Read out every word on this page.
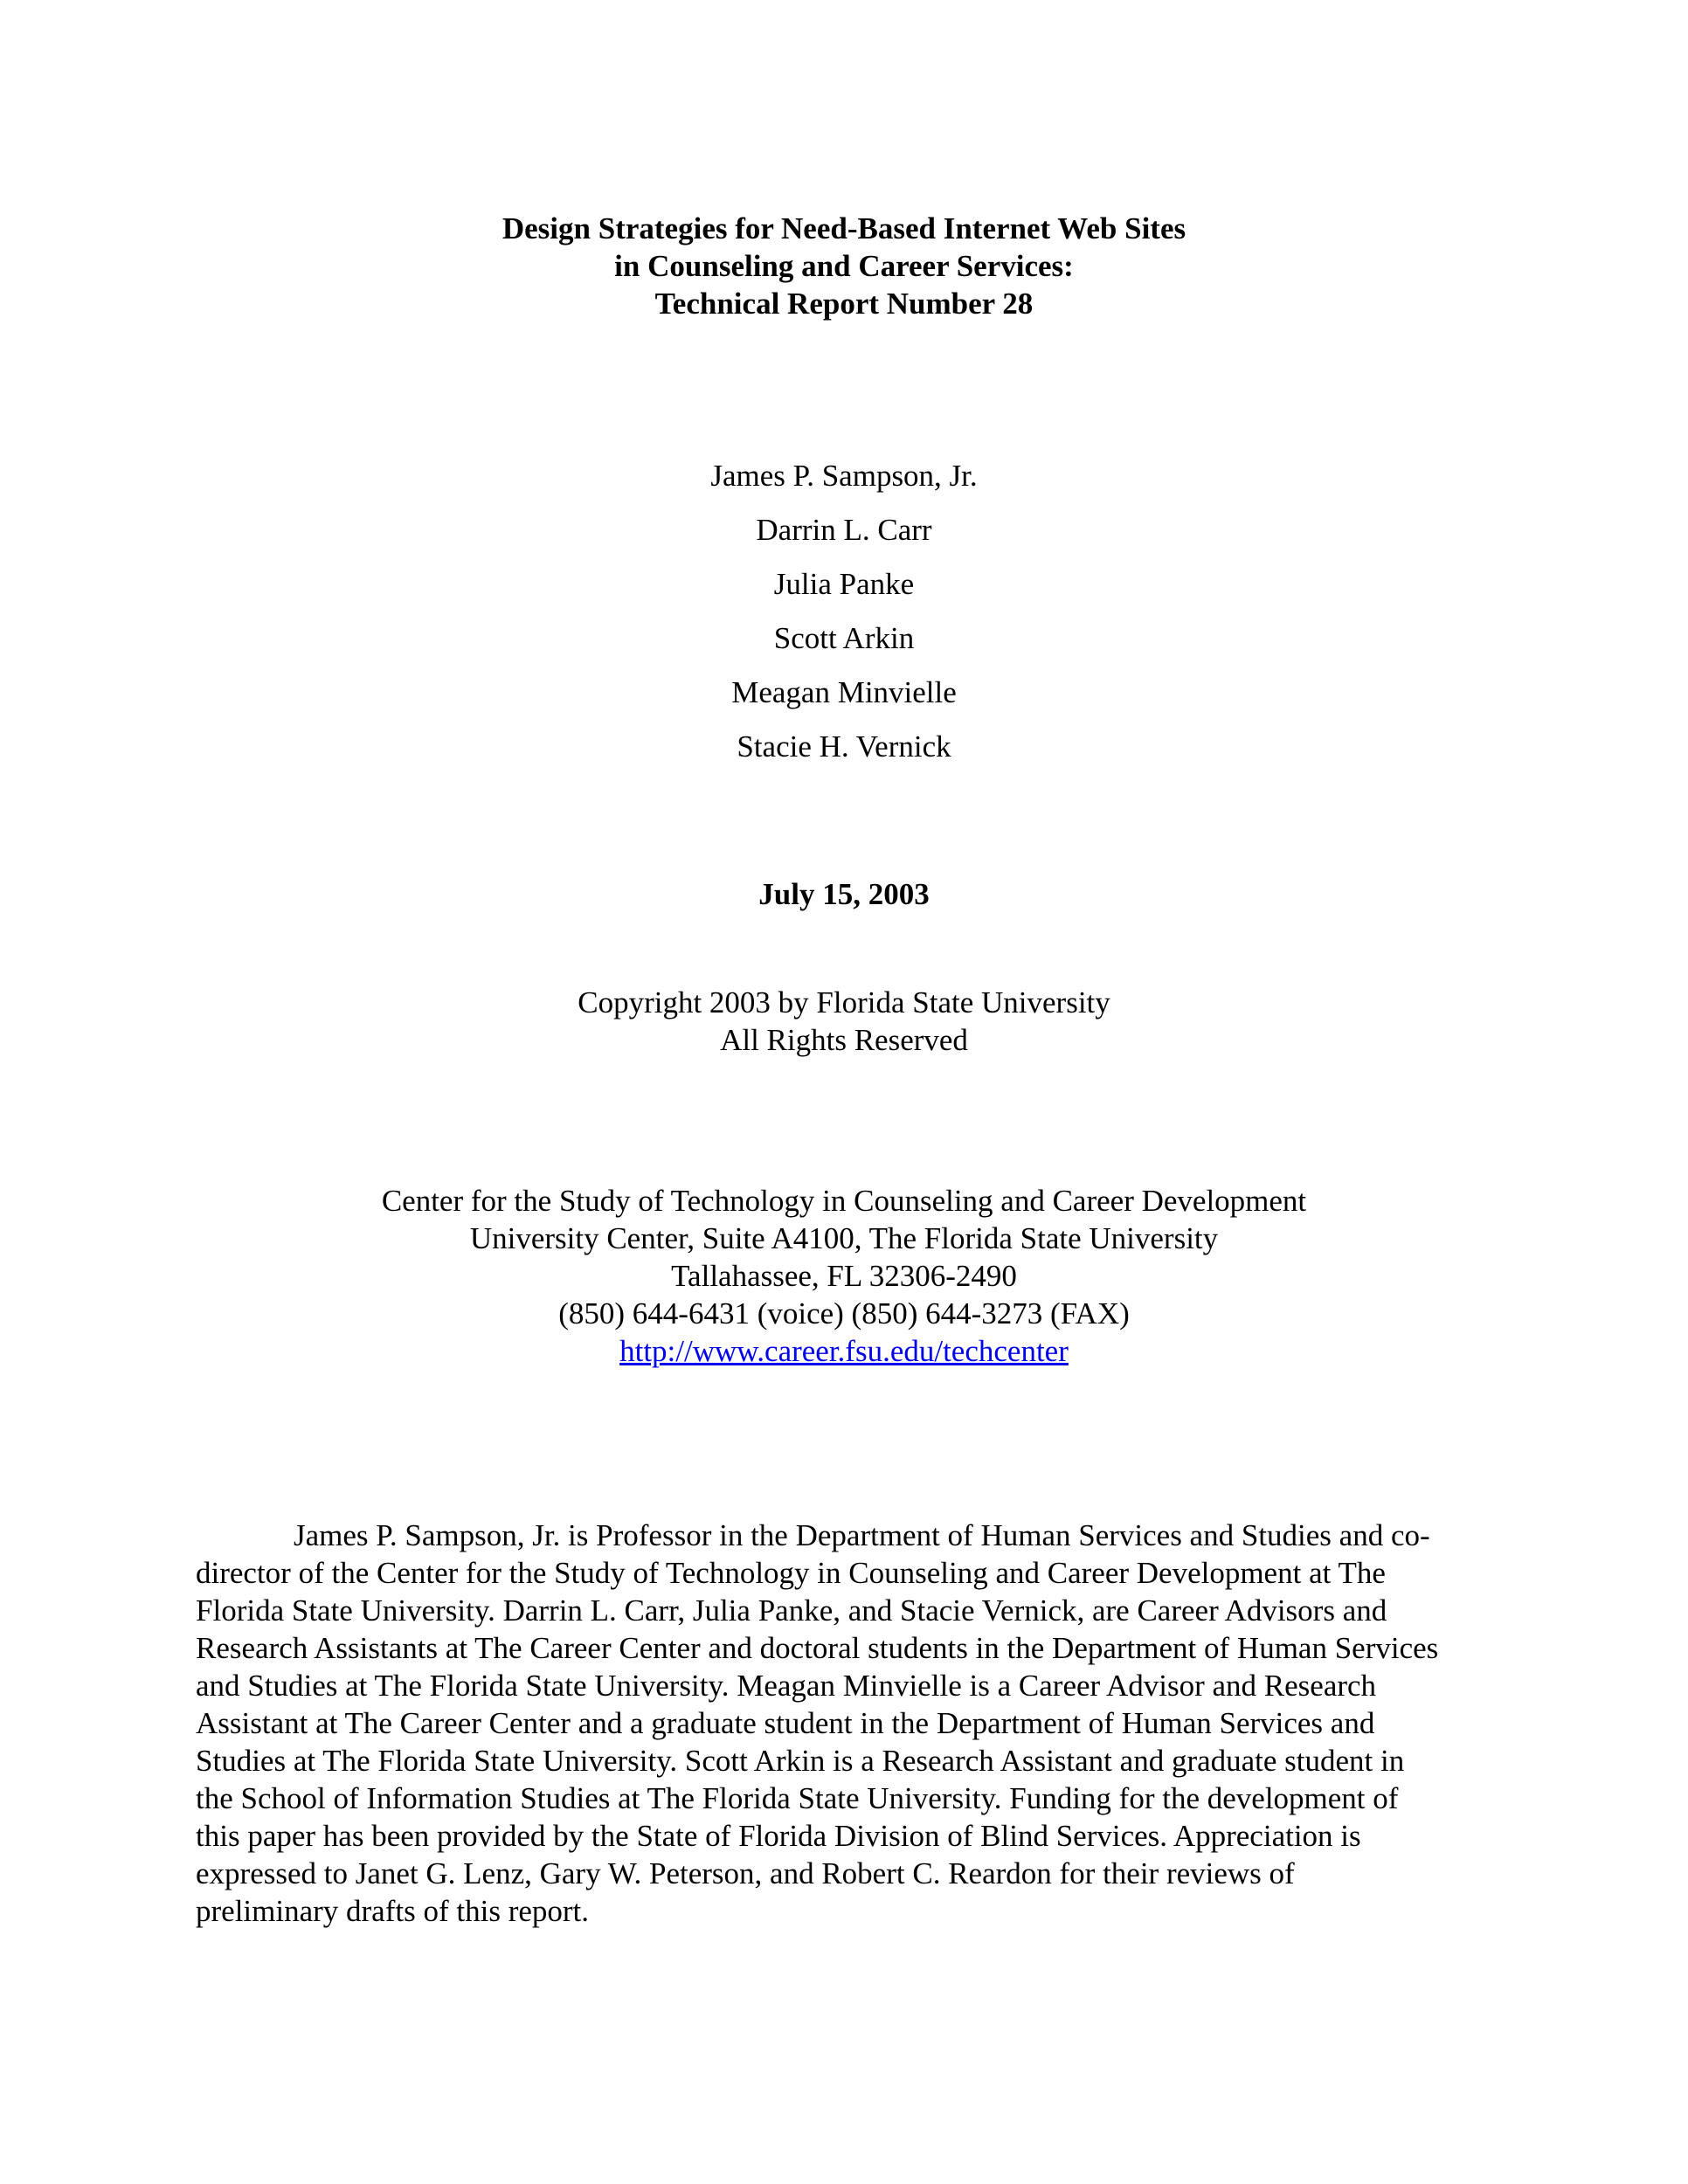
Design Strategies for Need-Based Internet Web Sites
in Counseling and Career Services:
Technical Report Number 28
James P. Sampson, Jr.
Darrin L. Carr
Julia Panke
Scott Arkin
Meagan Minvielle
Stacie H. Vernick
July 15, 2003
Copyright 2003 by Florida State University
All Rights Reserved
Center for the Study of Technology in Counseling and Career Development
University Center, Suite A4100, The Florida State University
Tallahassee, FL 32306-2490
(850) 644-6431 (voice) (850) 644-3273 (FAX)
http://www.career.fsu.edu/techcenter
James P. Sampson, Jr. is Professor in the Department of Human Services and Studies and co-
director of the Center for the Study of Technology in Counseling and Career Development at The
Florida State University. Darrin L. Carr, Julia Panke, and Stacie Vernick, are Career Advisors and
Research Assistants at The Career Center and doctoral students in the Department of Human Services
and Studies at The Florida State University. Meagan Minvielle is a Career Advisor and Research
Assistant at The Career Center and a graduate student in the Department of Human Services and
Studies at The Florida State University. Scott Arkin is a Research Assistant and graduate student in
the School of Information Studies at The Florida State University. Funding for the development of
this paper has been provided by the State of Florida Division of Blind Services. Appreciation is
expressed to Janet G. Lenz, Gary W. Peterson, and Robert C. Reardon for their reviews of
preliminary drafts of this report.
